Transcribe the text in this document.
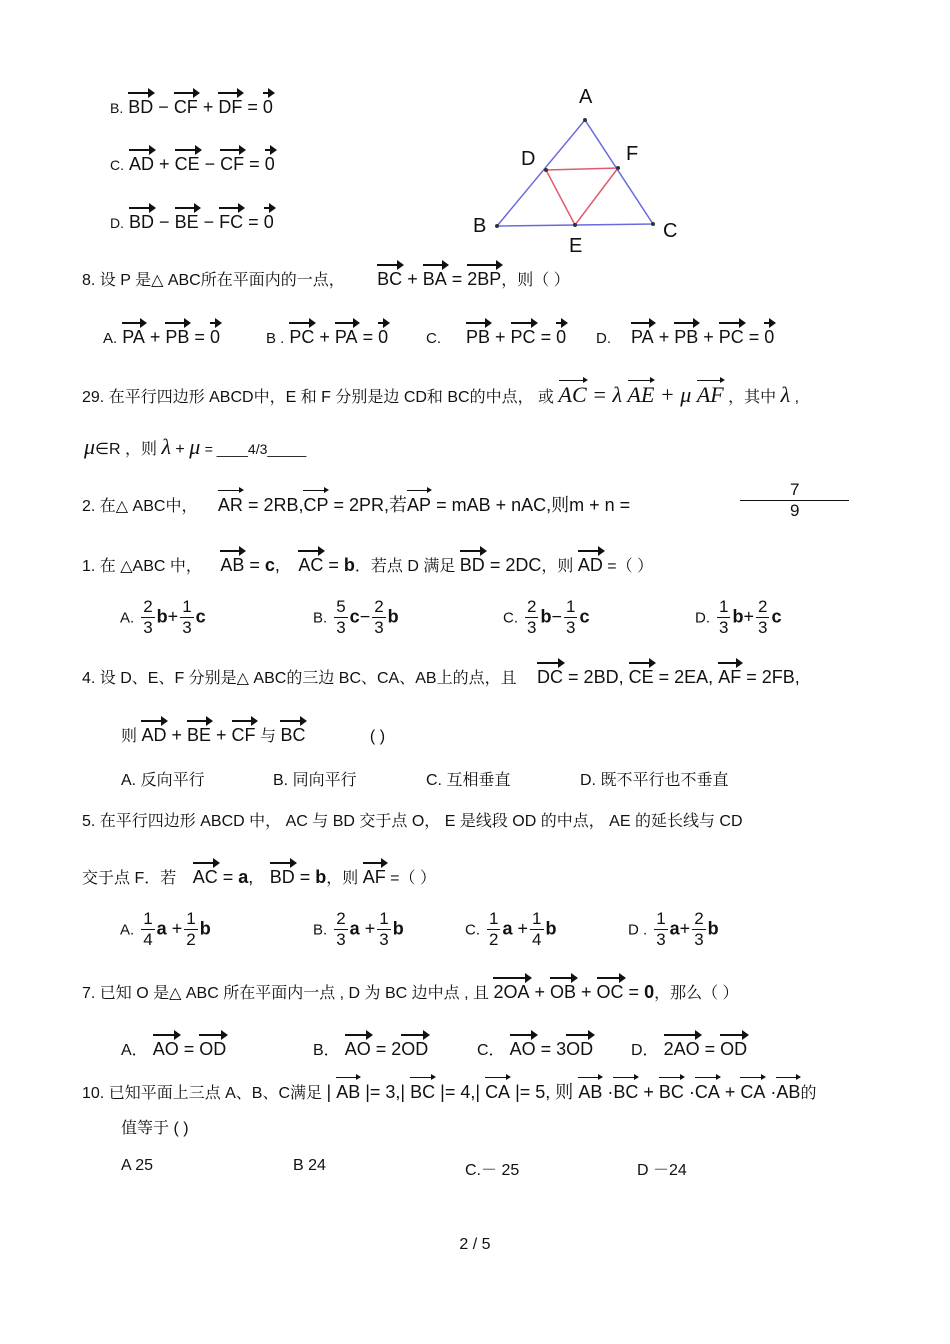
A
D	F
B
E
C
B. BD − CF + DF = 0
C. AD + CE − CF = 0
D. BD − BE − FC = 0
8. 设 P 是△ ABC所在平面内的一点， BC + BA = 2BP，则（ ）
A. PA + PB = 0	B . PC + PA = 0	C. PB + PC = 0 D. PA + PB + PC = 0
29. 在平行四边形 ABCD中，E 和 F 分别是边 CD和 BC的中点， 或 AC = λ AE + μ AF ，其中 λ ,
μ∈R ，则 λ + μ = ____4/3_____
2. 在△ ABC中， AR = 2RB,CP = 2PR,若AP = mAB + nAC,则m + n =	$\frac{7}{9}$
1. 在 △ABC 中， AB = c, AC = b．若点 D 满足 BD = 2DC，则 AD =（ ）
A. $\frac{2}{3} b+ \frac{1}{3}$ c	B. $\frac{5}{3} c- \frac{2}{3}$ b	C. $\frac{2}{3} b- \frac{1}{3}$ c	D. $\frac{1}{3} b+ \frac{2}{3}$ c
4. 设 D、E、F 分别是△ ABC的三边 BC、CA、AB上的点，且 DC = 2BD, CE = 2EA, AF = 2FB,
则 AD + BE + CF 与 BC	( )
A. 反向平行	B. 同向平行	C. 互相垂直	D. 既不平行也不垂直
5. 在平行四边形 ABCD 中， AC 与 BD 交于点 O， E 是线段 OD 的中点， AE 的延长线与 CD
交于点 F．若 AC = a, BD = b，则 AF =（ ）
A. $\frac{1}{4}$ $a + \frac{1}{2}$ b	B. $\frac{2}{3}$ $a + \frac{1}{3}$ b	C. $\frac{1}{2}$ $a + \frac{1}{4}$ b	D . $\frac{1}{3} a+ \frac{2}{3}$ b
7. 已知 O 是△ ABC 所在平面内一点 , D 为 BC 边中点 , 且 2OA + OB + OC = 0，那么（ ）
A． AO = OD	B． AO = 2OD	C． AO = 3OD D． 2AO = OD
10. 已知平面上三点 A、B、C满足 | AB |= 3,| BC |= 4,| CA |= 5, 则 AB ·BC + BC ·CA + CA ·AB的
值等于 ( )
A 25	B 24	C.－ 25	D －24
2 / 5
